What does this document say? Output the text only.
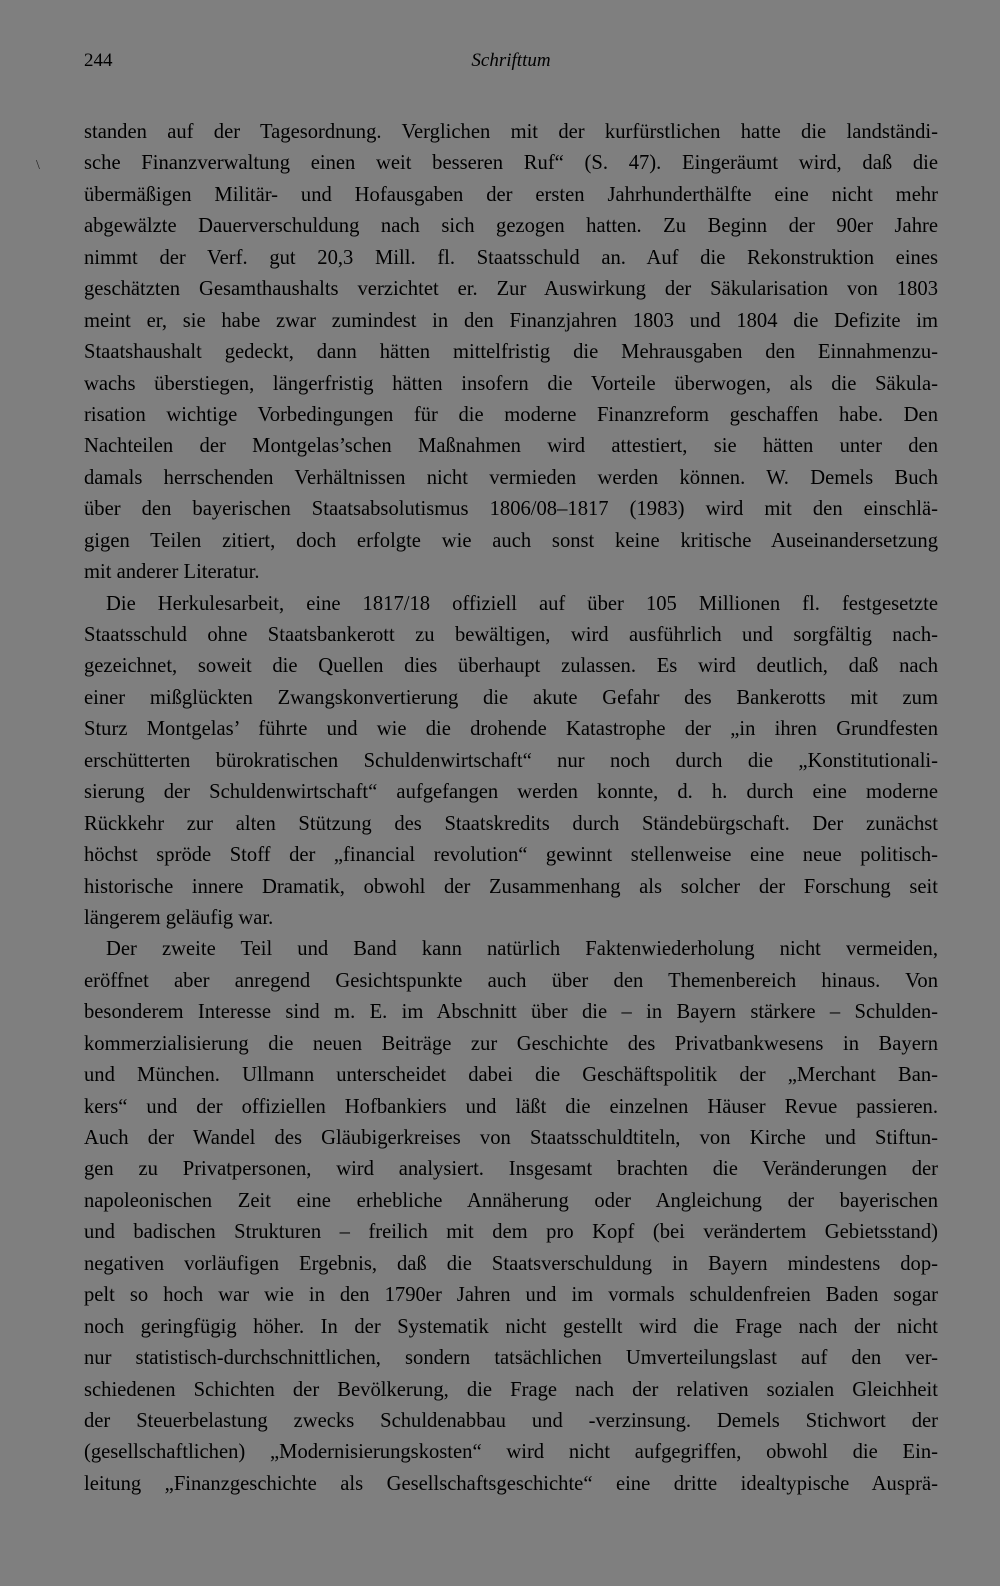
244	Schrifttum
\
standen auf der Tagesordnung. Verglichen mit der kurfürstlichen hatte die landständi-
sche Finanzverwaltung einen weit besseren Ruf“ (S. 47). Eingeräumt wird, daß die
übermäßigen Militär- und Hofausgaben der ersten Jahrhunderthälfte eine nicht mehr
abgewälzte Dauerverschuldung nach sich gezogen hatten. Zu Beginn der 90er Jahre
nimmt der Verf. gut 20,3 Mill. fl. Staatsschuld an. Auf die Rekonstruktion eines
geschätzten Gesamthaushalts verzichtet er. Zur Auswirkung der Säkularisation von 1803
meint er, sie habe zwar zumindest in den Finanzjahren 1803 und 1804 die Defizite im
Staatshaushalt gedeckt, dann hätten mittelfristig die Mehrausgaben den Einnahmenzu-
wachs überstiegen, längerfristig hätten insofern die Vorteile überwogen, als die Säkula-
risation wichtige Vorbedingungen für die moderne Finanzreform geschaffen habe. Den
Nachteilen der Montgelas’schen Maßnahmen wird attestiert, sie hätten unter den
damals herrschenden Verhältnissen nicht vermieden werden können. W. Demels Buch
über den bayerischen Staatsabsolutismus 1806/08–1817 (1983) wird mit den einschlä-
gigen Teilen zitiert, doch erfolgte wie auch sonst keine kritische Auseinandersetzung
mit anderer Literatur.
Die Herkulesarbeit, eine 1817/18 offiziell auf über 105 Millionen fl. festgesetzte
Staatsschuld ohne Staatsbankerott zu bewältigen, wird ausführlich und sorgfältig nach-
gezeichnet, soweit die Quellen dies überhaupt zulassen. Es wird deutlich, daß nach
einer mißglückten Zwangskonvertierung die akute Gefahr des Bankerotts mit zum
Sturz Montgelas’ führte und wie die drohende Katastrophe der „in ihren Grundfesten
erschütterten bürokratischen Schuldenwirtschaft“ nur noch durch die „Konstitutionali-
sierung der Schuldenwirtschaft“ aufgefangen werden konnte, d. h. durch eine moderne
Rückkehr zur alten Stützung des Staatskredits durch Ständebürgschaft. Der zunächst
höchst spröde Stoff der „financial revolution“ gewinnt stellenweise eine neue politisch-
historische innere Dramatik, obwohl der Zusammenhang als solcher der Forschung seit
längerem geläufig war.
Der zweite Teil und Band kann natürlich Faktenwiederholung nicht vermeiden,
eröffnet aber anregend Gesichtspunkte auch über den Themenbereich hinaus. Von
besonderem Interesse sind m. E. im Abschnitt über die – in Bayern stärkere – Schulden-
kommerzialisierung die neuen Beiträge zur Geschichte des Privatbankwesens in Bayern
und München. Ullmann unterscheidet dabei die Geschäftspolitik der „Merchant Ban-
kers“ und der offiziellen Hofbankiers und läßt die einzelnen Häuser Revue passieren.
Auch der Wandel des Gläubigerkreises von Staatsschuldtiteln, von Kirche und Stiftun-
gen zu Privatpersonen, wird analysiert. Insgesamt brachten die Veränderungen der
napoleonischen Zeit eine erhebliche Annäherung oder Angleichung der bayerischen
und badischen Strukturen – freilich mit dem pro Kopf (bei verändertem Gebietsstand)
negativen vorläufigen Ergebnis, daß die Staatsverschuldung in Bayern mindestens dop-
pelt so hoch war wie in den 1790er Jahren und im vormals schuldenfreien Baden sogar
noch geringfügig höher. In der Systematik nicht gestellt wird die Frage nach der nicht
nur statistisch-durchschnittlichen, sondern tatsächlichen Umverteilungslast auf den ver-
schiedenen Schichten der Bevölkerung, die Frage nach der relativen sozialen Gleichheit
der Steuerbelastung zwecks Schuldenabbau und -verzinsung. Demels Stichwort der
(gesellschaftlichen) „Modernisierungskosten“ wird nicht aufgegriffen, obwohl die Ein-
leitung „Finanzgeschichte als Gesellschaftsgeschichte“ eine dritte idealtypische Ausprä-
